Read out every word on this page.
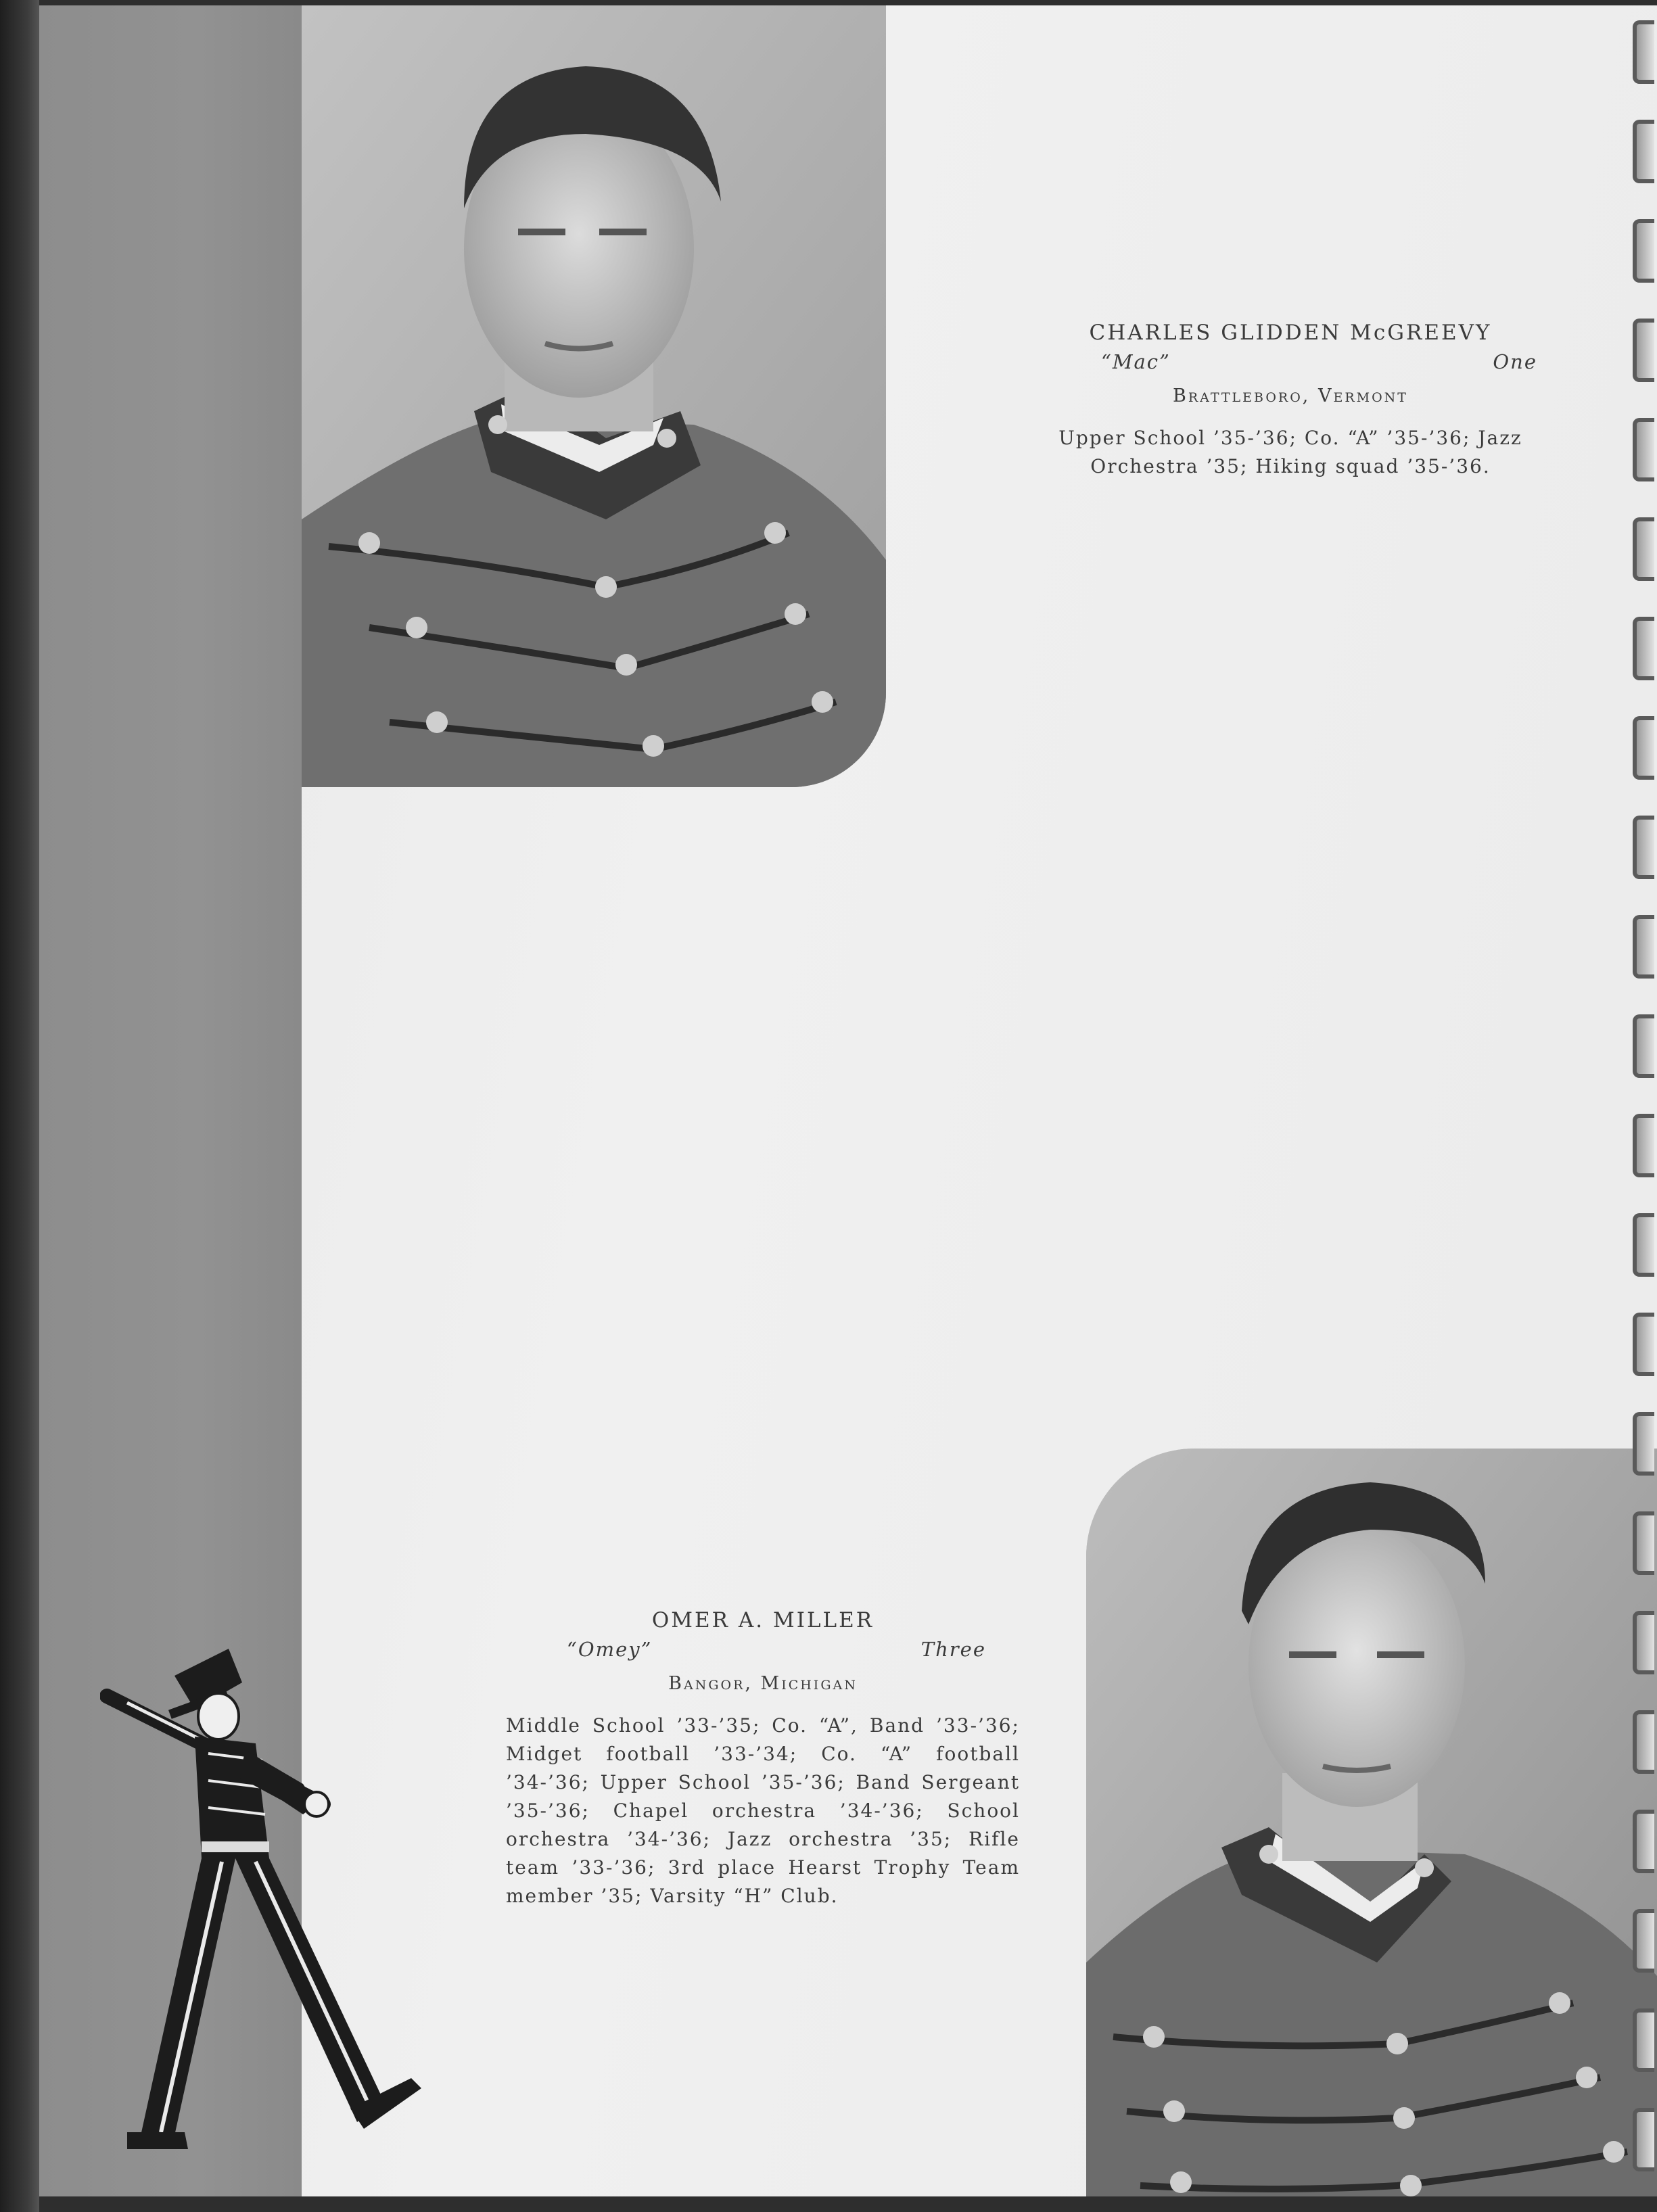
CHARLES GLIDDEN McGREEVY
“Mac”	One
Brattleboro, Vermont

Upper School ’35-’36; Co. “A” ’35-’36; Jazz Orchestra ’35; Hiking squad ’35-’36.

OMER A. MILLER
“Omey”	Three
Bangor, Michigan

Middle School ’33-’35; Co. “A”, Band ’33-’36; Midget football ’33-’34; Co. “A” football ’34-’36; Upper School ’35-’36; Band Sergeant ’35-’36; Chapel orchestra ’34-’36; School orchestra ’34-’36; Jazz orchestra ’35; Rifle team ’33-’36; 3rd place Hearst Trophy Team member ’35; Varsity “H” Club.
